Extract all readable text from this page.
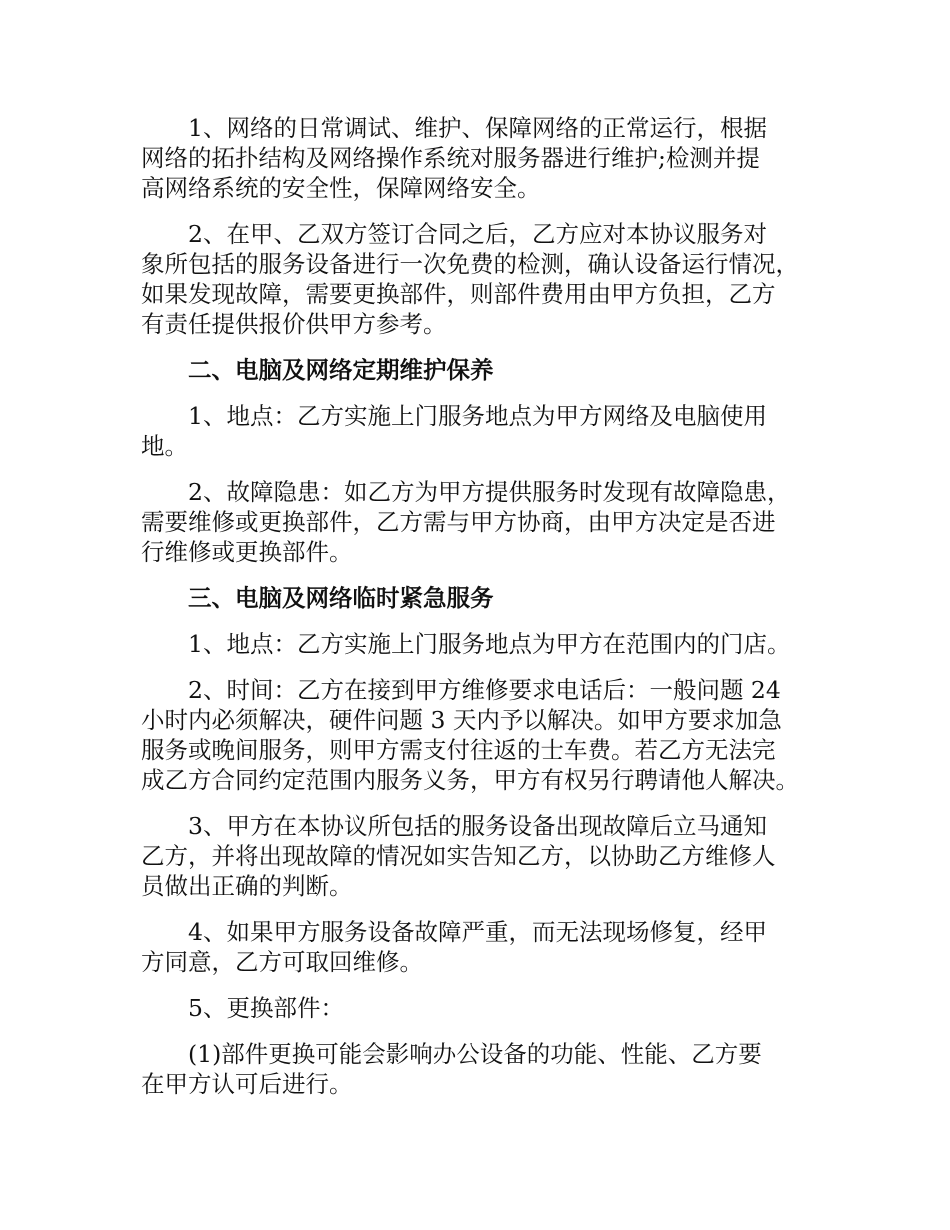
1、网络的日常调试、维护、保障网络的正常运行，根据
网络的拓扑结构及网络操作系统对服务器进行维护;检测并提
高网络系统的安全性，保障网络安全。
2、在甲、乙双方签订合同之后，乙方应对本协议服务对
象所包括的服务设备进行一次免费的检测，确认设备运行情况，
如果发现故障，需要更换部件，则部件费用由甲方负担，乙方
有责任提供报价供甲方参考。
二、电脑及网络定期维护保养
1、地点：乙方实施上门服务地点为甲方网络及电脑使用
地。
2、故障隐患：如乙方为甲方提供服务时发现有故障隐患，
需要维修或更换部件，乙方需与甲方协商，由甲方决定是否进
行维修或更换部件。
三、电脑及网络临时紧急服务
1、地点：乙方实施上门服务地点为甲方在范围内的门店。
2、时间：乙方在接到甲方维修要求电话后：一般问题 24
小时内必须解决，硬件问题 3 天内予以解决。如甲方要求加急
服务或晚间服务，则甲方需支付往返的士车费。若乙方无法完
成乙方合同约定范围内服务义务，甲方有权另行聘请他人解决。
3、甲方在本协议所包括的服务设备出现故障后立马通知
乙方，并将出现故障的情况如实告知乙方，以协助乙方维修人
员做出正确的判断。
4、如果甲方服务设备故障严重，而无法现场修复，经甲
方同意，乙方可取回维修。
5、更换部件：
(1)部件更换可能会影响办公设备的功能、性能、乙方要
在甲方认可后进行。
